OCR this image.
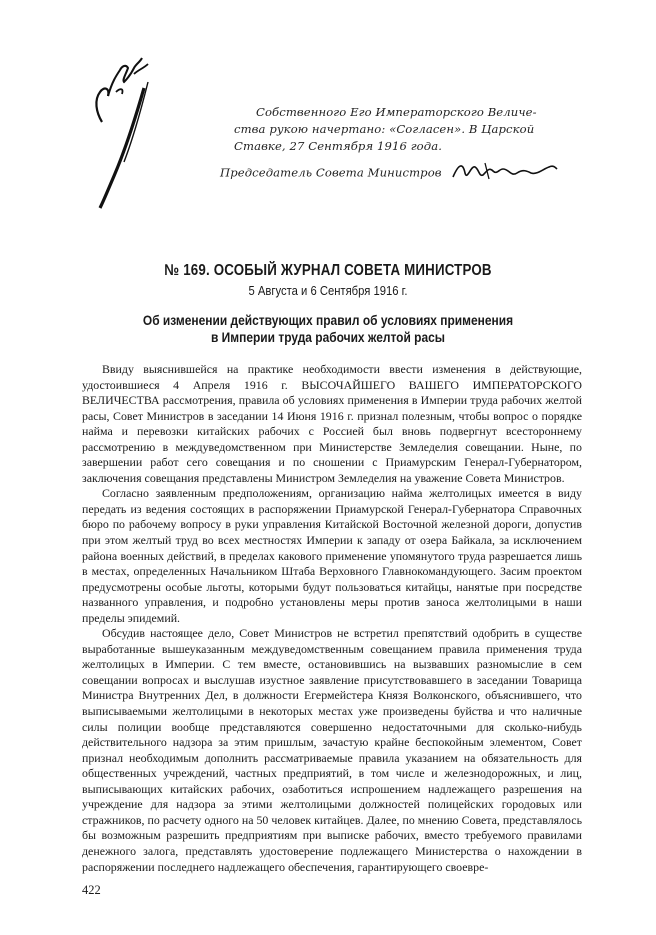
Собственного Его Императорского Величе-
ства рукою начертано: «Согласен». В Царской
Ставке, 27 Сентября 1916 года.
Председатель Совета Министров
№ 169. ОСОБЫЙ ЖУРНАЛ СОВЕТА МИНИСТРОВ
5 Августа и 6 Сентября 1916 г.
Об изменении действующих правил об условиях применения
в Империи труда рабочих желтой расы

Ввиду выяснившейся на практике необходимости ввести изменения в действующие, удостоившиеся 4 Апреля 1916 г. ВЫСОЧАЙШЕГО ВАШЕГО ИМПЕРАТОРСКОГО ВЕЛИЧЕСТВА рассмотрения, правила об условиях применения в Империи труда рабочих желтой расы, Совет Министров в заседании 14 Июня 1916 г. признал полезным, чтобы вопрос о порядке найма и перевозки китайских рабочих с Россией был вновь подвергнут всестороннему рассмотрению в междуведомственном при Министерстве Земледелия совещании. Ныне, по завершении работ сего совещания и по сношении с Приамурским Генерал-Губернатором, заключения совещания представлены Министром Земледелия на уважение Совета Министров.

Согласно заявленным предположениям, организацию найма желтолицых имеется в виду передать из ведения состоящих в распоряжении Приамурской Генерал-Губернатора Справочных бюро по рабочему вопросу в руки управления Китайской Восточной железной дороги, допустив при этом желтый труд во всех местностях Империи к западу от озера Байкала, за исключением района военных действий, в пределах какового применение упомянутого труда разрешается лишь в местах, определенных Начальником Штаба Верховного Главнокомандующего. Засим проектом предусмотрены особые льготы, которыми будут пользоваться китайцы, нанятые при посредстве названного управления, и подробно установлены меры против заноса желтолицыми в наши пределы эпидемий.

Обсудив настоящее дело, Совет Министров не встретил препятствий одобрить в существе выработанные вышеуказанным междуведомственным совещанием правила применения труда желтолицых в Империи. С тем вместе, остановившись на вызвавших разномыслие в сем совещании вопросах и выслушав изустное заявление присутствовавшего в заседании Товарища Министра Внутренних Дел, в должности Егермейстера Князя Волконского, объяснившего, что выписываемыми желтолицыми в некоторых местах уже произведены буйства и что наличные силы полиции вообще представляются совершенно недостаточными для сколько-нибудь действительного надзора за этим пришлым, зачастую крайне беспокойным элементом, Совет признал необходимым дополнить рассматриваемые правила указанием на обязательность для общественных учреждений, частных предприятий, в том числе и железнодорожных, и лиц, выписывающих китайских рабочих, озаботиться испрошением надлежащего разрешения на учреждение для надзора за этими желтолицыми должностей полицейских городовых или стражников, по расчету одного на 50 человек китайцев. Далее, по мнению Совета, представлялось бы возможным разрешить предприятиям при выписке рабочих, вместо требуемого правилами денежного залога, представлять удостоверение подлежащего Министерства о нахождении в распоряжении последнего надлежащего обеспечения, гарантирующего своевре-

422
